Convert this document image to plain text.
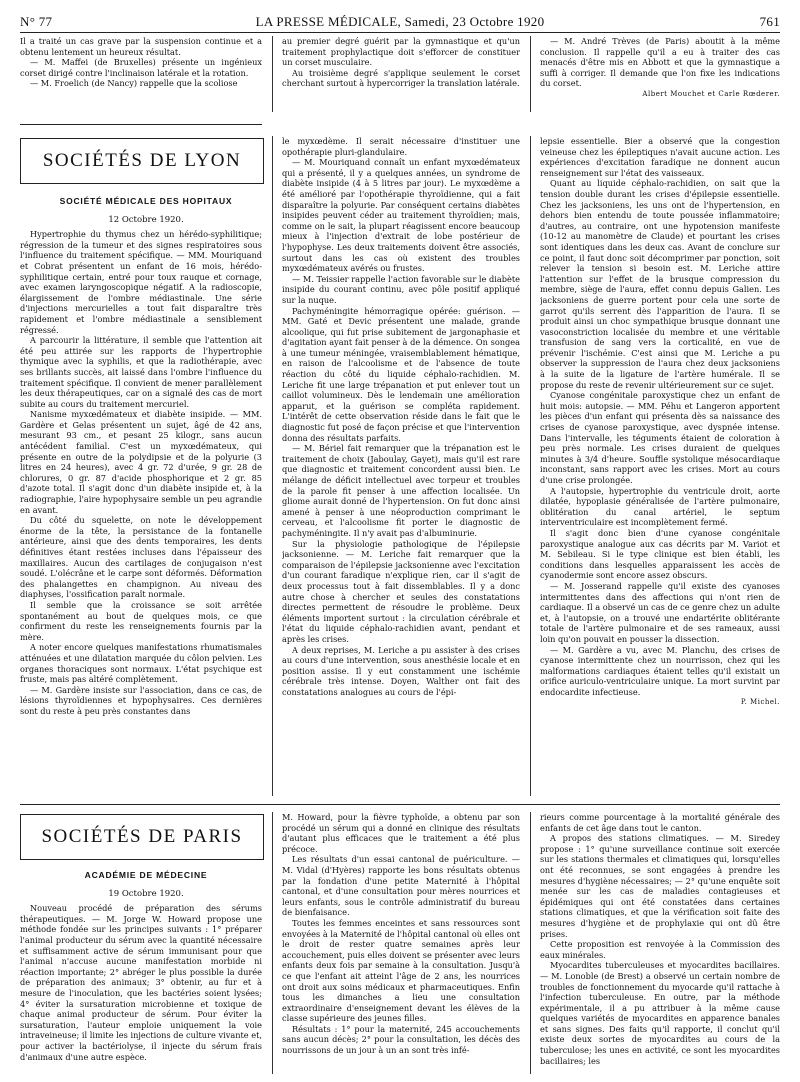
N° 77	LA PRESSE MÉDICALE, Samedi, 23 Octobre 1920	761

Il a traité un cas grave par la suspension continue et a obtenu lentement un heureux résultat.

— M. Maffei (de Bruxelles) présente un ingénieux corset dirigé contre l'inclinaison latérale et la rotation.

— M. Froelich (de Nancy) rappelle que la scoliose

au premier degré guérit par la gymnastique et qu'un traitement prophylactique doit s'efforcer de constituer un corset musculaire.

Au troisième degré s'applique seulement le corset cherchant surtout à hypercorriger la translation latérale.

— M. André Trèves (de Paris) aboutit à la même conclusion. Il rappelle qu'il a eu à traiter des cas menacés d'être mis en Abbott et que la gymnastique a suffi à corriger. Il demande que l'on fixe les indications du corset.

Albert Mouchet et Carle Rœderer.

SOCIÉTÉS DE LYON

SOCIÉTÉ MÉDICALE DES HOPITAUX

12 Octobre 1920.

Hypertrophie du thymus chez un hérédo-syphilitique; régression de la tumeur et des signes respiratoires sous l'influence du traitement spécifique. — MM. Mouriquand et Cobrat présentent un enfant de 16 mois, hérédo-syphilitique certain, entré pour toux rauque et cornage, avec examen laryngoscopique négatif. A la radioscopie, élargissement de l'ombre médiastinale. Une série d'injections mercurielles a tout fait disparaître très rapidement et l'ombre médiastinale a sensiblement régressé.

A parcourir la littérature, il semble que l'attention ait été peu attirée sur les rapports de l'hypertrophie thymique avec la syphilis, et que la radiothérapie, avec ses brillants succès, ait laissé dans l'ombre l'influence du traitement spécifique. Il convient de mener parallèlement les deux thérapeutiques, car on a signalé des cas de mort subite au cours du traitement mercuriel.

Nanisme myxœdémateux et diabète insipide. — MM. Gardère et Gelas présentent un sujet, âgé de 42 ans, mesurant 93 cm., et pesant 25 kilogr., sans aucun antécédent familial. C'est un myxœdémateux, qui présente en outre de la polydipsie et de la polyurie (3 litres en 24 heures), avec 4 gr. 72 d'urée, 9 gr. 28 de chlorures, 0 gr. 87 d'acide phosphorique et 2 gr. 85 d'azote total. Il s'agit donc d'un diabète insipide et, à la radiographie, l'aire hypophysaire semble un peu agrandie en avant.

Du côté du squelette, on note le développement énorme de la tête, la persistance de la fontanelle antérieure, ainsi que des dents temporaires, les dents définitives étant restées incluses dans l'épaisseur des maxillaires. Aucun des cartilages de conjugaison n'est soudé. L'olécrâne et le carpe sont déformés. Déformation des phalangettes en champignon. Au niveau des diaphyses, l'ossification paraît normale.

Il semble que la croissance se soit arrêtée spontanément au bout de quelques mois, ce que confirment du reste les renseignements fournis par la mère.

A noter encore quelques manifestations rhumatismales atténuées et une dilatation marquée du côlon pelvien. Les organes thoraciques sont normaux. L'état psychique est fruste, mais pas altéré complètement.

— M. Gardère insiste sur l'association, dans ce cas, de lésions thyroïdiennes et hypophysaires. Ces dernières sont du reste à peu près constantes dans

le myxœdème. Il serait nécessaire d'instituer une opothérapie pluri-glandulaire.

— M. Mouriquand connaît un enfant myxœdémateux qui a présenté, il y a quelques années, un syndrome de diabète insipide (4 à 5 litres par jour). Le myxœdème a été amélioré par l'opothérapie thyroïdienne, qui a fait disparaître la polyurie. Par conséquent certains diabètes insipides peuvent céder au traitement thyroïdien; mais, comme on le sait, la plupart réagissent encore beaucoup mieux à l'injection d'extrait de lobe postérieur de l'hypophyse. Les deux traitements doivent être associés, surtout dans les cas où existent des troubles myxœdémateux avérés ou frustes.

— M. Teissier rappelle l'action favorable sur le diabète insipide du courant continu, avec pôle positif appliqué sur la nuque.

Pachyméningite hémorragique opérée: guérison. — MM. Gaté et Devic présentent une malade, grande alcoolique, qui fut prise subitement de jargonaphasie et d'agitation ayant fait penser à de la démence. On songea à une tumeur méningée, vraisemblablement hématique, en raison de l'alcoolisme et de l'absence de toute réaction du côté du liquide céphalo-rachidien. M. Leriche fit une large trépanation et put enlever tout un caillot volumineux. Dès le lendemain une amélioration apparut, et la guérison se compléta rapidement. L'intérêt de cette observation réside dans le fait que le diagnostic fut posé de façon précise et que l'intervention donna des résultats parfaits.

— M. Bériel fait remarquer que la trépanation est le traitement de choix (Jaboulay, Gayet), mais qu'il est rare que diagnostic et traitement concordent aussi bien. Le mélange de déficit intellectuel avec torpeur et troubles de la parole fit penser à une affection localisée. Un gliome aurait donné de l'hypertension. On fut donc ainsi amené à penser à une néoproduction comprimant le cerveau, et l'alcoolisme fit porter le diagnostic de pachyméningite. Il n'y avait pas d'albuminurie.

Sur la physiologie pathologique de l'épilepsie jacksonienne. — M. Leriche fait remarquer que la comparaison de l'épilepsie jacksonienne avec l'excitation d'un courant faradique n'explique rien, car il s'agit de deux processus tout à fait dissemblables. Il y a donc autre chose à chercher et seules des constatations directes permettent de résoudre le problème. Deux éléments importent surtout : la circulation cérébrale et l'état du liquide céphalo-rachidien avant, pendant et après les crises.

A deux reprises, M. Leriche a pu assister à des crises au cours d'une intervention, sous anesthésie locale et en position assise. Il y eut constamment une ischémie cérébrale très intense. Doyen, Walther ont fait des constatations analogues au cours de l'épi-

lepsie essentielle. Bier a observé que la congestion veineuse chez les épileptiques n'avait aucune action. Les expériences d'excitation faradique ne donnent aucun renseignement sur l'état des vaisseaux.

Quant au liquide céphalo-rachidien, on sait que la tension double durant les crises d'épilepsie essentielle. Chez les jacksoniens, les uns ont de l'hypertension, en dehors bien entendu de toute poussée inflammatoire; d'autres, au contraire, ont une hypotension manifeste (10-12 au manomètre de Claude) et pourtant les crises sont identiques dans les deux cas. Avant de conclure sur ce point, il faut donc soit décomprimer par ponction, soit relever la tension si besoin est. M. Leriche attire l'attention sur l'effet de la brusque compression du membre, siège de l'aura, effet connu depuis Galien. Les jacksoniens de guerre portent pour cela une sorte de garrot qu'ils serrent dès l'apparition de l'aura. Il se produit ainsi un choc sympathique brusque donnant une vasoconstriction localisée du membre et une véritable transfusion de sang vers la corticalité, en vue de prévenir l'ischémie. C'est ainsi que M. Leriche a pu observer la suppression de l'aura chez deux jacksoniens à la suite de la ligature de l'artère humérale. Il se propose du reste de revenir ultérieurement sur ce sujet.

Cyanose congénitale paroxystique chez un enfant de huit mois: autopsie. — MM. Péhu et Langeron apportent les pièces d'un enfant qui présenta dès sa naissance des crises de cyanose paroxystique, avec dyspnée intense. Dans l'intervalle, les téguments étaient de coloration à peu près normale. Les crises duraient de quelques minutes à 3/4 d'heure. Souffle systolique mésocardiaque inconstant, sans rapport avec les crises. Mort au cours d'une crise prolongée.

A l'autopsie, hypertrophie du ventricule droit, aorte dilatée, hypoplasie généralisée de l'artère pulmonaire, oblitération du canal artériel, le septum interventriculaire est incomplètement fermé.

Il s'agit donc bien d'une cyanose congénitale paroxystique analogue aux cas décrits par M. Variot et M. Sebileau. Si le type clinique est bien établi, les conditions dans lesquelles apparaissent les accès de cyanodermie sont encore assez obscurs.

— M. Josserand rappelle qu'il existe des cyanoses intermittentes dans des affections qui n'ont rien de cardiaque. Il a observé un cas de ce genre chez un adulte et, à l'autopsie, on a trouvé une endartérite oblitérante totale de l'artère pulmonaire et de ses rameaux, aussi loin qu'on pouvait en pousser la dissection.

— M. Gardère a vu, avec M. Planchu, des crises de cyanose intermittente chez un nourrisson, chez qui les malformations cardiaques étaient telles qu'il existait un orifice auriculo-ventriculaire unique. La mort survint par endocardite infectieuse.

P. Michel.

SOCIÉTÉS DE PARIS

ACADÉMIE DE MÉDECINE

19 Octobre 1920.

Nouveau procédé de préparation des sérums thérapeutiques. — M. Jorge W. Howard propose une méthode fondée sur les principes suivants : 1° préparer l'animal producteur du sérum avec la quantité nécessaire et suffisamment active de sérum immunisant pour que l'animal n'accuse aucune manifestation morbide ni réaction importante; 2° abréger le plus possible la durée de préparation des animaux; 3° obtenir, au fur et à mesure de l'inoculation, que les bactéries soient lysées; 4° éviter la sursaturation microbienne et toxique de chaque animal producteur de sérum. Pour éviter la sursaturation, l'auteur emploie uniquement la voie intraveineuse; il limite les injections de culture vivante et, pour activer la bactériolyse, il injecte du sérum frais d'animaux d'une autre espèce.

M. Howard, pour la fièvre typhoïde, a obtenu par son procédé un sérum qui a donné en clinique des résultats d'autant plus efficaces que le traitement a été plus précoce.

Les résultats d'un essai cantonal de puériculture. — M. Vidal (d'Hyères) rapporte les bons résultats obtenus par la fondation d'une petite Maternité à l'hôpital cantonal, et d'une consultation pour mères nourrices et leurs enfants, sous le contrôle administratif du bureau de bienfaisance.

Toutes les femmes enceintes et sans ressources sont envoyées à la Maternité de l'hôpital cantonal où elles ont le droit de rester quatre semaines après leur accouchement, puis elles doivent se présenter avec leurs enfants deux fois par semaine à la consultation. Jusqu'à ce que l'enfant ait atteint l'âge de 2 ans, les nourrices ont droit aux soins médicaux et pharmaceutiques. Enfin tous les dimanches a lieu une consultation extraordinaire d'enseignement devant les élèves de la classe supérieure des jeunes filles.

Résultats : 1° pour la maternité, 245 accouchements sans aucun décès; 2° pour la consultation, les décès des nourrissons de un jour à un an sont très infé-

rieurs comme pourcentage à la mortalité générale des enfants de cet âge dans tout le canton.

A propos des stations climatiques. — M. Siredey propose : 1° qu'une surveillance continue soit exercée sur les stations thermales et climatiques qui, lorsqu'elles ont été reconnues, se sont engagées à prendre les mesures d'hygiène nécessaires; — 2° qu'une enquête soit menée sur les cas de maladies contagieuses et épidémiques qui ont été constatées dans certaines stations climatiques, et que la vérification soit faite des mesures d'hygiène et de prophylaxie qui ont dû être prises.

Cette proposition est renvoyée à la Commission des eaux minérales.

Myocardites tuberculeuses et myocardites bacillaires. — M. Lonoble (de Brest) a observé un certain nombre de troubles de fonctionnement du myocarde qu'il rattache à l'infection tuberculeuse. En outre, par la méthode expérimentale, il a pu attribuer à la même cause quelques variétés de myocardites en apparence banales et sans signes. Des faits qu'il rapporte, il conclut qu'il existe deux sortes de myocardites au cours de la tuberculose; les unes en activité, ce sont les myocardites bacillaires; les
